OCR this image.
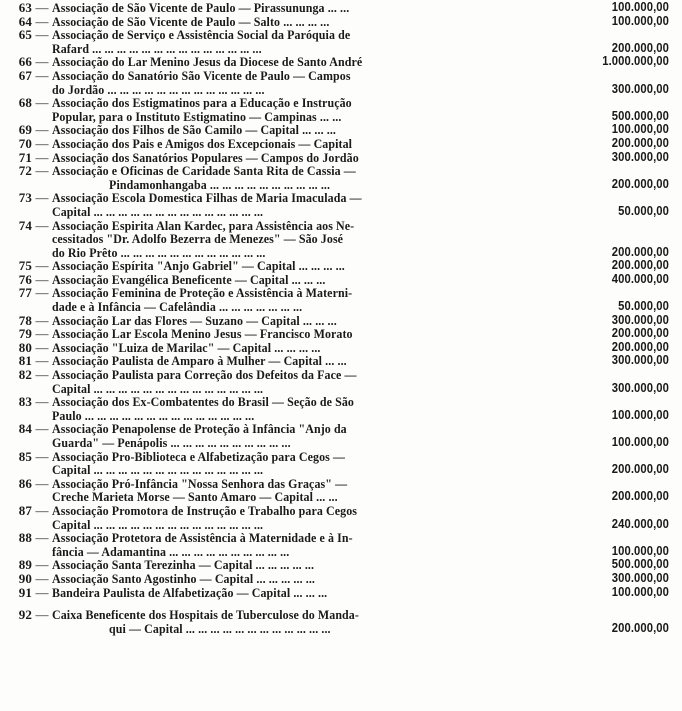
63 — Associação de São Vicente de Paulo — Pirassununga ... ...	100.000,00
64 — Associação de São Vicente de Paulo — Salto ... ... ... ...	100.000,00
65 — Associação de Serviço e Assistência Social da Paróquia de
Rafard ... ... ... ... ... ... ... ... ... ... ... ... ... ...	200.000,00
66 — Associação do Lar Menino Jesus da Diocese de Santo André	1.000.000,00
67 — Associação do Sanatório São Vicente de Paulo — Campos
do Jordão ... ... ... ... ... ... ... ... ... ... ... ... ...	300.000,00
68 — Associação dos Estigmatinos para a Educação e Instrução
Popular, para o Instituto Estigmatino — Campinas ... ...	500.000,00
69 — Associação dos Filhos de São Camilo — Capital ... ... ...	100.000,00
70 — Associação dos Pais e Amigos dos Excepcionais — Capital	200.000,00
71 — Associação dos Sanatórios Populares — Campos do Jordão	300.000,00
72 — Associação e Oficinas de Caridade Santa Rita de Cassia —
Pindamonhangaba ... ... ... ... ... ... ... ... ... ...	200.000,00
73 — Associação Escola Domestica Filhas de Maria Imaculada —
Capital ... ... ... ... ... ... ... ... ... ... ... ... ... ...	50.000,00
74 — Associação Espirita Alan Kardec, para Assistência aos Ne-
cessitados "Dr. Adolfo Bezerra de Menezes" — São José
do Rio Prêto ... ... ... ... ... ... ... ... ... ... ... ...	200.000,00
75 — Associação Espírita "Anjo Gabriel" — Capital ... ... ... ...	200.000,00
76 — Associação Evangélica Beneficente — Capital ... ... ...	400.000,00
77 — Associação Feminina de Proteção e Assistência à Materni-
dade e à Infância — Cafelândia ... ... ... ... ... ... ...	50.000,00
78 — Associação Lar das Flores — Suzano — Capital ... ... ...	300.000,00
79 — Associação Lar Escola Menino Jesus — Francisco Morato	200.000,00
80 — Associação "Luiza de Marilac" — Capital ... ... ... ...	200.000,00
81 — Associação Paulista de Amparo à Mulher — Capital ... ...	300.000,00
82 — Associação Paulista para Correção dos Defeitos da Face —
Capital ... ... ... ... ... ... ... ... ... ... ... ... ... ...	300.000,00
83 — Associação dos Ex-Combatentes do Brasil — Seção de São
Paulo ... ... ... ... ... ... ... ... ... ... ... ... ... ...	100.000,00
84 — Associação Penapolense de Proteção à Infância "Anjo da
Guarda" — Penápolis ... ... ... ... ... ... ... ... ... ...	100.000,00
85 — Associação Pro-Biblioteca e Alfabetização para Cegos —
Capital ... ... ... ... ... ... ... ... ... ... ... ... ... ...	200.000,00
86 — Associação Pró-Infância "Nossa Senhora das Graças" —
Creche Marieta Morse — Santo Amaro — Capital ... ...	200.000,00
87 — Associação Promotora de Instrução e Trabalho para Cegos
Capital ... ... ... ... ... ... ... ... ... ... ... ... ... ...	240.000,00
88 — Associação Protetora de Assistência à Maternidade e à In-
fância — Adamantina ... ... ... ... ... ... ... ... ... ...	100.000,00
89 — Associação Santa Terezinha — Capital ... ... ... ... ...	500.000,00
90 — Associação Santo Agostinho — Capital ... ... ... ... ...	300.000,00
91 — Bandeira Paulista de Alfabetização — Capital ... ... ...	100.000,00
92 — Caixa Beneficente dos Hospitais de Tuberculose do Manda-
qui — Capital ... ... ... ... ... ... ... ... ... ... ... ...	200.000,00
